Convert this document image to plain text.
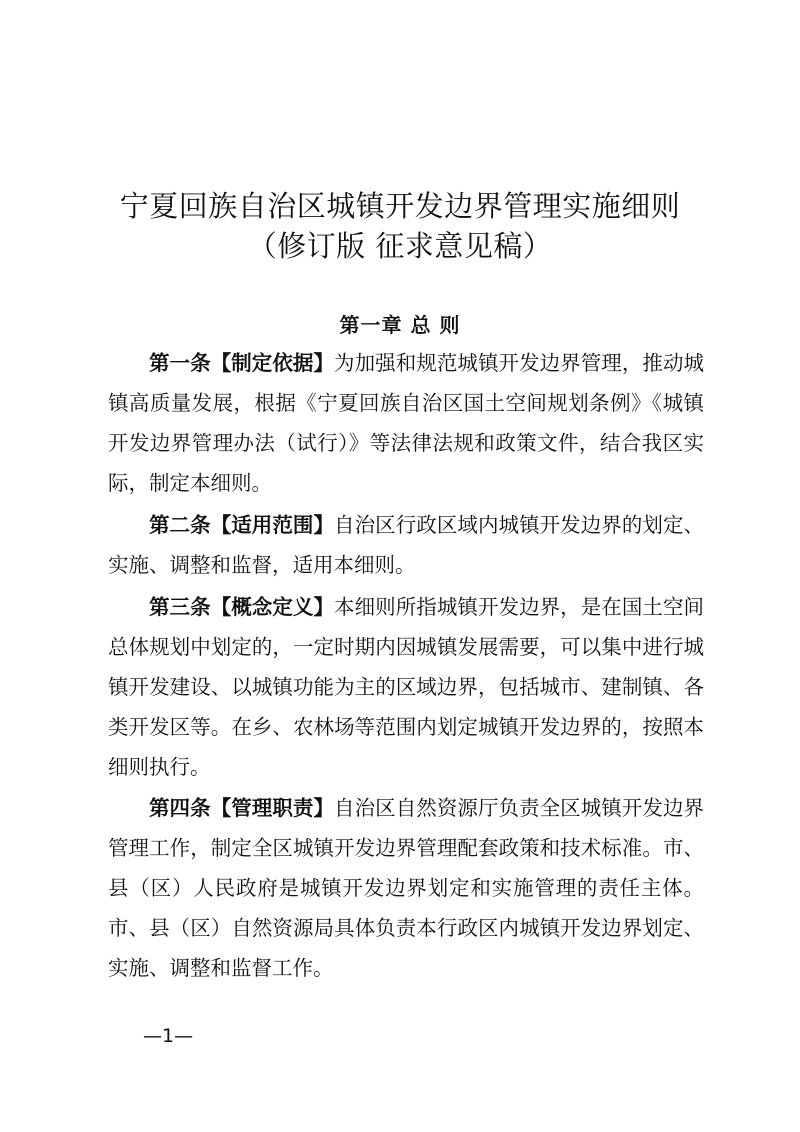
宁夏回族自治区城镇开发边界管理实施细则
（修订版 征求意见稿）
第一章 总 则

第一条【制定依据】为加强和规范城镇开发边界管理，推动城镇高质量发展，根据《宁夏回族自治区国土空间规划条例》《城镇开发边界管理办法（试行）》等法律法规和政策文件，结合我区实际，制定本细则。

第二条【适用范围】自治区行政区域内城镇开发边界的划定、实施、调整和监督，适用本细则。

第三条【概念定义】本细则所指城镇开发边界，是在国土空间总体规划中划定的，一定时期内因城镇发展需要，可以集中进行城镇开发建设、以城镇功能为主的区域边界，包括城市、建制镇、各类开发区等。在乡、农林场等范围内划定城镇开发边界的，按照本细则执行。

第四条【管理职责】自治区自然资源厅负责全区城镇开发边界管理工作，制定全区城镇开发边界管理配套政策和技术标准。市、县（区）人民政府是城镇开发边界划定和实施管理的责任主体。市、县（区）自然资源局具体负责本行政区内城镇开发边界划定、实施、调整和监督工作。

—1—
